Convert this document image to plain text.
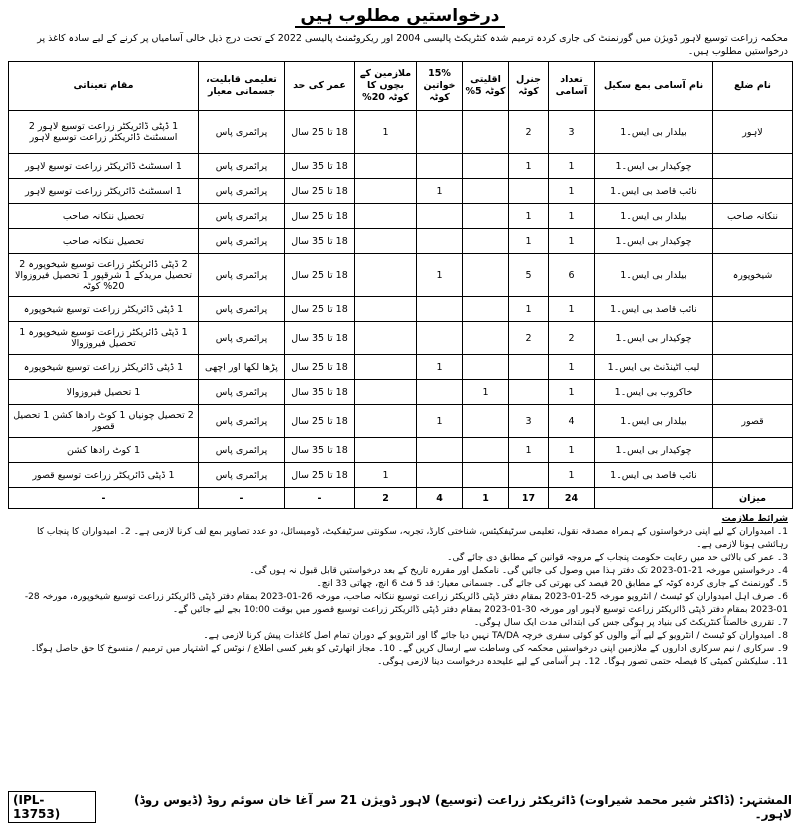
درخواستیں مطلوب ہیں
محکمہ زراعت توسیع لاہور ڈویژن میں گورنمنٹ کی جاری کردہ ترمیم شدہ کنٹریکٹ پالیسی 2004 اور ریکروٹمنٹ پالیسی 2022 کے تحت درج ذیل خالی آسامیاں پر کرنے کے لیے سادہ کاغذ پر درخواستیں مطلوب ہیں۔
نام ضلع	نام آسامی بمع سکیل	تعداد آسامی	جنرل کوٹہ	اقلیتی کوٹہ 5%	15% خواتین کوٹہ	ملازمین کے بچوں کا کوٹہ 20%	عمر کی حد	تعلیمی قابلیت، جسمانی معیار	مقام تعیناتی
لاہور	بیلدار بی ایس۔1	3	2			1	18 تا 25 سال	پرائمری پاس	1 ڈپٹی ڈائریکٹر زراعت توسیع لاہور 2 اسسٹنٹ ڈائریکٹر زراعت توسیع لاہور
	چوکیدار بی ایس۔1	1	1				18 تا 35 سال	پرائمری پاس	1 اسسٹنٹ ڈائریکٹر زراعت توسیع لاہور
	نائب قاصد بی ایس۔1	1			1		18 تا 25 سال	پرائمری پاس	1 اسسٹنٹ ڈائریکٹر زراعت توسیع لاہور
ننکانہ صاحب	بیلدار بی ایس۔1	1	1				18 تا 25 سال	پرائمری پاس	تحصیل ننکانہ صاحب
	چوکیدار بی ایس۔1	1	1				18 تا 35 سال	پرائمری پاس	تحصیل ننکانہ صاحب
شیخوپورہ	بیلدار بی ایس۔1	6	5		1		18 تا 25 سال	پرائمری پاس	2 ڈپٹی ڈائریکٹر زراعت توسیع شیخوپورہ 2 تحصیل مریدکے 1 شرقپور 1 تحصیل فیروزوالا 20% کوٹہ
	نائب قاصد بی ایس۔1	1	1				18 تا 25 سال	پرائمری پاس	1 ڈپٹی ڈائریکٹر زراعت توسیع شیخوپورہ
	چوکیدار بی ایس۔1	2	2				18 تا 35 سال	پرائمری پاس	1 ڈپٹی ڈائریکٹر زراعت توسیع شیخوپورہ 1 تحصیل فیروزوالا
	لیب اٹینڈنٹ بی ایس۔1	1			1		18 تا 25 سال	پڑھا لکھا اور اچھی	1 ڈپٹی ڈائریکٹر زراعت توسیع شیخوپورہ
	خاکروب بی ایس۔1	1		1			18 تا 35 سال	پرائمری پاس	1 تحصیل فیروزوالا
قصور	بیلدار بی ایس۔1	4	3		1		18 تا 25 سال	پرائمری پاس	2 تحصیل چونیاں 1 کوٹ رادھا کشن 1 تحصیل قصور
	چوکیدار بی ایس۔1	1	1				18 تا 35 سال	پرائمری پاس	1 کوٹ رادھا کشن
	نائب قاصد بی ایس۔1	1				1	18 تا 25 سال	پرائمری پاس	1 ڈپٹی ڈائریکٹر زراعت توسیع قصور
میزان		24	17	1	4	2	-	-	-
شرائط ملازمت
1۔ امیدواران کے لیے اپنی درخواستوں کے ہمراہ مصدقہ نقول، تعلیمی سرٹیفکیٹس، شناختی کارڈ، تجربہ، سکونتی سرٹیفکیٹ، ڈومیسائل، دو عدد تصاویر بمع لف کرنا لازمی ہے۔ 2۔ امیدواران کا پنجاب کا رہائشی ہونا لازمی ہے۔
3۔ عمر کی بالائی حد میں رعایت حکومت پنجاب کے مروجہ قوانین کے مطابق دی جائے گی۔
4۔ درخواستیں مورخہ 21-01-2023 تک دفتر ہذا میں وصول کی جائیں گی۔ نامکمل اور مقررہ تاریخ کے بعد درخواستیں قابل قبول نہ ہوں گی۔
5۔ گورنمنٹ کے جاری کردہ کوٹہ کے مطابق 20 فیصد کی بھرتی کی جائے گی۔ جسمانی معیار: قد 5 فٹ 6 انچ، چھاتی 33 انچ۔
6۔ صرف اہل امیدواران کو ٹیسٹ / انٹرویو مورخہ 25-01-2023 بمقام دفتر ڈپٹی ڈائریکٹر زراعت توسیع ننکانہ صاحب، مورخہ 26-01-2023 بمقام دفتر ڈپٹی ڈائریکٹر زراعت توسیع شیخوپورہ، مورخہ 28-01-2023 بمقام دفتر ڈپٹی ڈائریکٹر زراعت توسیع لاہور اور مورخہ 30-01-2023 بمقام دفتر ڈپٹی ڈائریکٹر زراعت توسیع قصور میں بوقت 10:00 بجے لیے جائیں گے۔
7۔ تقرری خالصتاً کنٹریکٹ کی بنیاد پر ہوگی جس کی ابتدائی مدت ایک سال ہوگی۔
8۔ امیدواران کو ٹیسٹ / انٹرویو کے لیے آنے والوں کو کوئی سفری خرچہ TA/DA نہیں دیا جائے گا اور انٹرویو کے دوران تمام اصل کاغذات پیش کرنا لازمی ہے۔
9۔ سرکاری / نیم سرکاری اداروں کے ملازمین اپنی درخواستیں محکمہ کی وساطت سے ارسال کریں گے۔ 10۔ مجاز اتھارٹی کو بغیر کسی اطلاع / نوٹس کے اشتہار میں ترمیم / منسوخ کا حق حاصل ہوگا۔
11۔ سلیکشن کمیٹی کا فیصلہ حتمی تصور ہوگا۔ 12۔ ہر آسامی کے لیے علیحدہ درخواست دینا لازمی ہوگی۔
(IPL-13753)
المشتہر: (ڈاکٹر شیر محمد شیراوت) ڈائریکٹر زراعت (توسیع) لاہور ڈویژن 21 سر آغا خان سوئم روڈ (ڈیوس روڈ) لاہور۔
